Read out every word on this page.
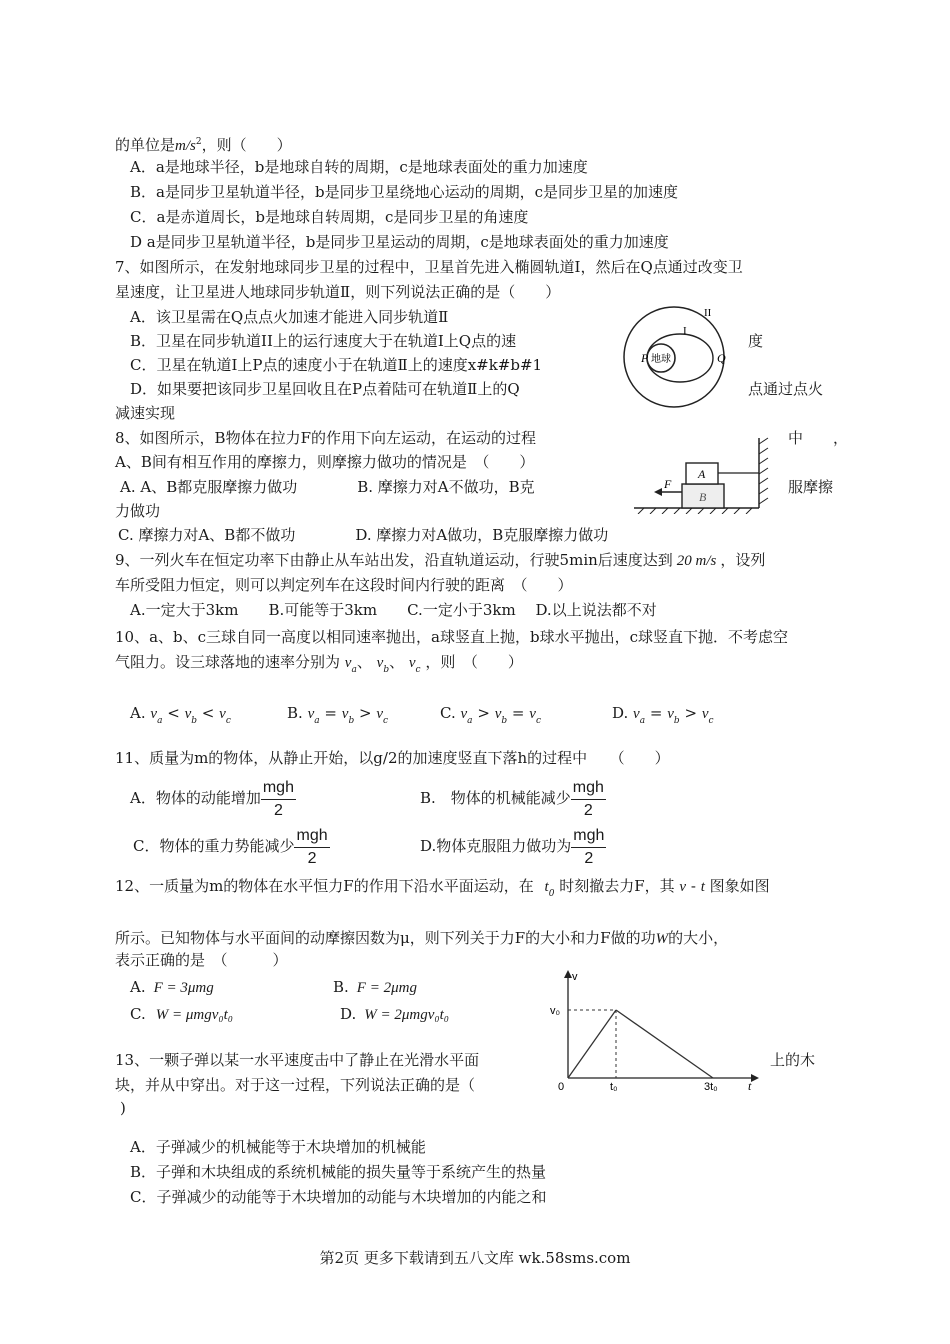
的单位是$m/s^2$，则（　　）
A．a是地球半径，b是地球自转的周期，c是地球表面处的重力加速度
B．a是同步卫星轨道半径，b是同步卫星绕地心运动的周期，c是同步卫星的加速度
C．a是赤道周长，b是地球自转周期，c是同步卫星的角速度
D a是同步卫星轨道半径，b是同步卫星运动的周期，c是地球表面处的重力加速度
7、如图所示，在发射地球同步卫星的过程中，卫星首先进入椭圆轨道I，然后在Q点通过改变卫
星速度，让卫星进人地球同步轨道Ⅱ，则下列说法正确的是（　　）
A．该卫星需在Q点点火加速才能进入同步轨道Ⅱ
B．卫星在同步轨道II上的运行速度大于在轨道I上Q点的速	度
C．卫星在轨道I上P点的速度小于在轨道Ⅱ上的速度x#k#b#1
D．如果要把该同步卫星回收且在P点着陆可在轨道Ⅱ上的Q	点通过点火
减速实现
地球
P	Q
I
II
8、如图所示，B物体在拉力F的作用下向左运动，在运动的过程	中　　，
A、B间有相互作用的摩擦力，则摩擦力做功的情况是　（　　）
A. A、B都克服摩擦力做功　　　　B. 摩擦力对A不做功，B克	服摩擦
力做功
C. 摩擦力对A、B都不做功　　　　D. 摩擦力对A做功，B克服摩擦力做功
A
B
F
9、一列火车在恒定功率下由静止从车站出发，沿直轨道运动，行驶5min后速度达到 20 m/s ，设列
车所受阻力恒定，则可以判定列车在这段时间内行驶的距离　（　　）
A.一定大于3km　　B.可能等于3km　　C.一定小于3km　 D.以上说法都不对
10、a、b、c三球自同一高度以相同速率抛出，a球竖直上抛，b球水平抛出，c球竖直下抛．不考虑空
气阻力。设三球落地的速率分别为 $v_a$、 $v_b$、 $v_c$ ，则　（　　）
A. $v_a < v_b < v_c$	B. $v_a = v_b > v_c$	C. $v_a > v_b = v_c$	D. $v_a = v_b > v_c$
11、质量为m的物体，从静止开始，以g/2的加速度竖直下落h的过程中　　（　　）
A．物体的动能增加 $\frac{\text{mgh}}{2}$	B.　物体的机械能减少 $\frac{\text{mgh}}{2}$
C．物体的重力势能减少 $\frac{\text{mgh}}{2}$	D.物体克服阻力做功为 $\frac{\text{mgh}}{2}$
12、一质量为m的物体在水平恒力F的作用下沿水平面运动，在 $t_0$ 时刻撤去力F，其 v - t 图象如图
所示。已知物体与水平面间的动摩擦因数为μ，则下列关于力F的大小和力F做的功W的大小，
表示正确的是　（　　　）
A. F = 3μmg	B. F = 2μmg
C. W = μmgv₀t₀	D. W = 2μmgv₀t₀
v
v₀
0	t₀	3t₀	t
13、一颗子弹以某一水平速度击中了静止在光滑水平面	上的木
块，并从中穿出。对于这一过程，下列说法正确的是（
)
A．子弹减少的机械能等于木块增加的机械能
B．子弹和木块组成的系统机械能的损失量等于系统产生的热量
C．子弹减少的动能等于木块增加的动能与木块增加的内能之和
第2页 更多下载请到五八文库 wk.58sms.com
